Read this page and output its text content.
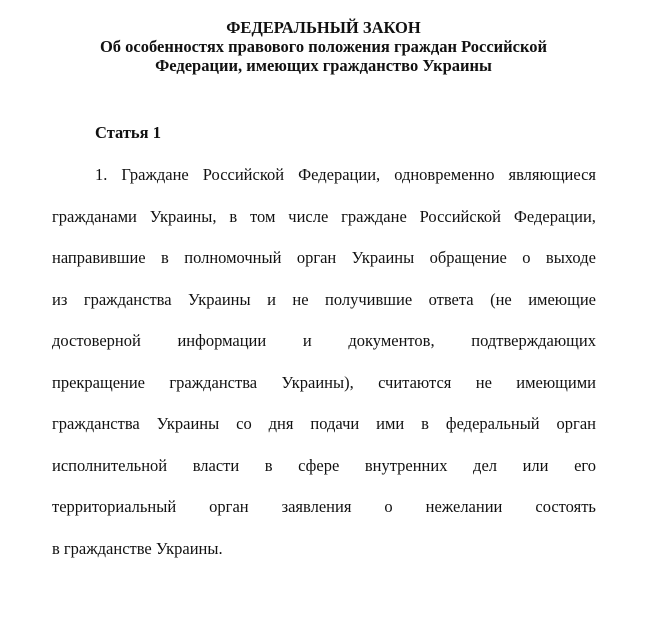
ФЕДЕРАЛЬНЫЙ ЗАКОН
Об особенностях правового положения граждан Российской
Федерации, имеющих гражданство Украины
Статья 1
1. Граждане Российской Федерации, одновременно являющиеся
гражданами Украины, в том числе граждане Российской Федерации,
направившие в полномочный орган Украины обращение о выходе
из гражданства Украины и не получившие ответа (не имеющие
достоверной информации и документов, подтверждающих
прекращение гражданства Украины), считаются не имеющими
гражданства Украины со дня подачи ими в федеральный орган
исполнительной власти в сфере внутренних дел или его
территориальный орган заявления о нежелании состоять
в гражданстве Украины.
